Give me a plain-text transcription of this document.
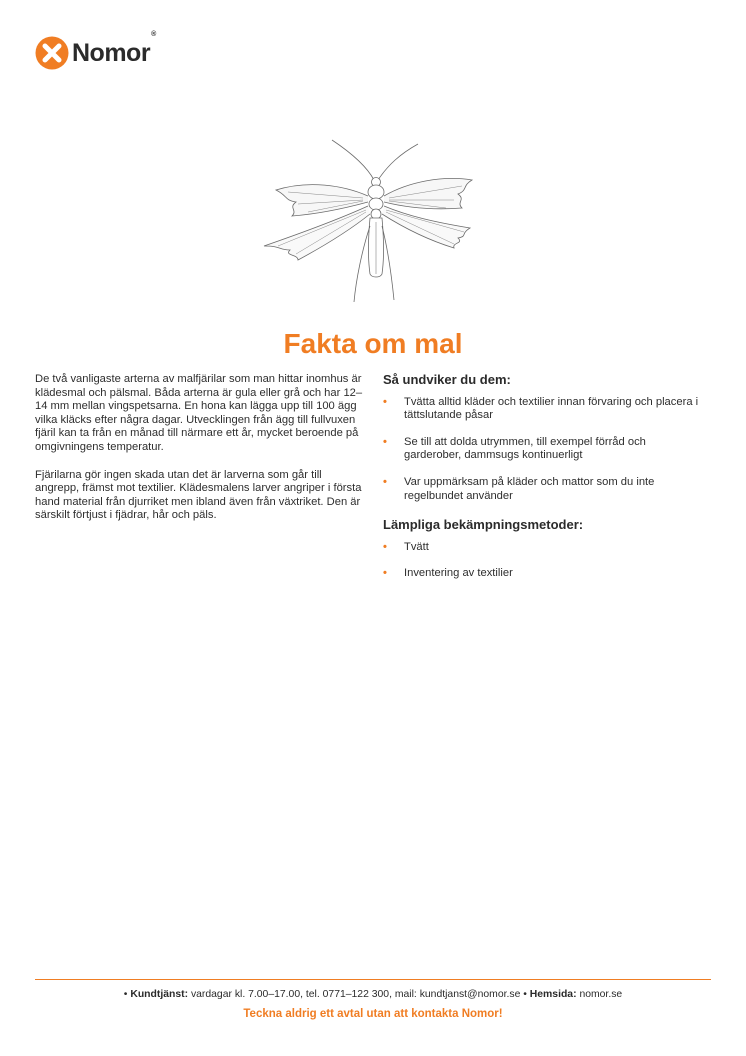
Nomor®
Fakta om mal

De två vanligaste arterna av malfjärilar som man hittar inomhus är klädesmal och pälsmal. Båda arterna är gula eller grå och har 12–14 mm mellan vingspetsarna. En hona kan lägga upp till 100 ägg vilka kläcks efter några dagar. Utvecklingen från ägg till fullvuxen fjäril kan ta från en månad till närmare ett år, mycket beroende på omgivningens temperatur.

Fjärilarna gör ingen skada utan det är larverna som går till angrepp, främst mot textilier. Klädesmalens larver angriper i första hand material från djurriket men ibland även från växtriket. Den är särskilt förtjust i fjädrar, hår och päls.

Så undviker du dem:
• Tvätta alltid kläder och textilier innan förvaring och placera i tättslutande påsar
• Se till att dolda utrymmen, till exempel förråd och garderober, dammsugs kontinuerligt
• Var uppmärksam på kläder och mattor som du inte regelbundet använder
Lämpliga bekämpningsmetoder:
• Tvätt
• Inventering av textilier
• Kundtjänst: vardagar kl. 7.00–17.00, tel. 0771–122 300, mail: kundtjanst@nomor.se • Hemsida: nomor.se
Teckna aldrig ett avtal utan att kontakta Nomor!
